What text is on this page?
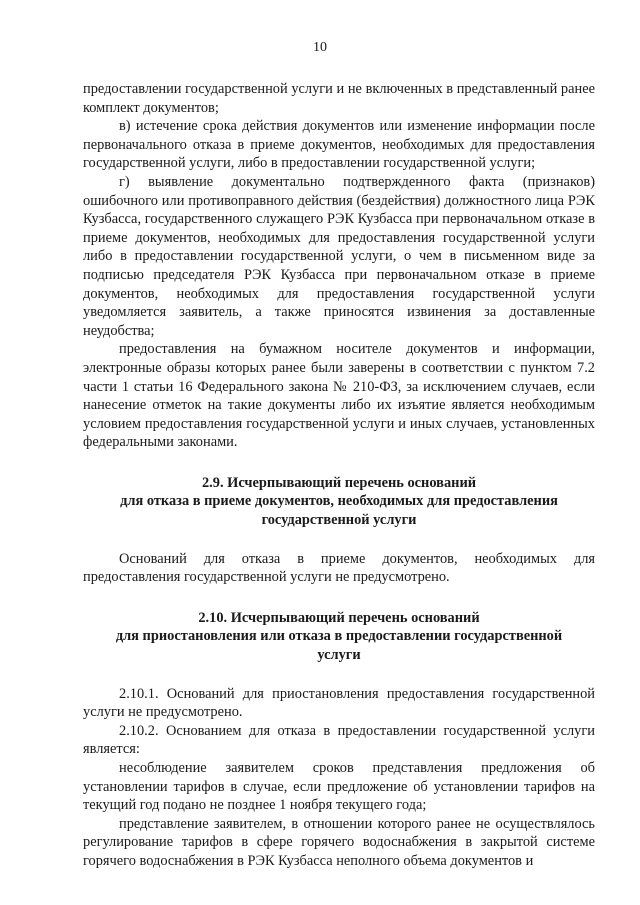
10

предоставлении государственной услуги и не включенных в представленный ранее комплект документов;

в) истечение срока действия документов или изменение информации после первоначального отказа в приеме документов, необходимых для предоставления государственной услуги, либо в предоставлении государственной услуги;

г) выявление документально подтвержденного факта (признаков) ошибочного или противоправного действия (бездействия) должностного лица РЭК Кузбасса, государственного служащего РЭК Кузбасса при первоначальном отказе в приеме документов, необходимых для предоставления государственной услуги либо в предоставлении государственной услуги, о чем в письменном виде за подписью председателя РЭК Кузбасса при первоначальном отказе в приеме документов, необходимых для предоставления государственной услуги уведомляется заявитель, а также приносятся извинения за доставленные неудобства;

предоставления на бумажном носителе документов и информации, электронные образы которых ранее были заверены в соответствии с пунктом 7.2 части 1 статьи 16 Федерального закона № 210-ФЗ, за исключением случаев, если нанесение отметок на такие документы либо их изъятие является необходимым условием предоставления государственной услуги и иных случаев, установленных федеральными законами.

2.9. Исчерпывающий перечень оснований
для отказа в приеме документов, необходимых для предоставления
государственной услуги

Оснований для отказа в приеме документов, необходимых для предоставления государственной услуги не предусмотрено.

2.10. Исчерпывающий перечень оснований
для приостановления или отказа в предоставлении государственной
услуги

2.10.1. Оснований для приостановления предоставления государственной услуги не предусмотрено.

2.10.2. Основанием для отказа в предоставлении государственной услуги является:

несоблюдение заявителем сроков представления предложения об установлении тарифов в случае, если предложение об установлении тарифов на текущий год подано не позднее 1 ноября текущего года;

представление заявителем, в отношении которого ранее не осуществлялось регулирование тарифов в сфере горячего водоснабжения в закрытой системе горячего водоснабжения в РЭК Кузбасса неполного объема документов и
